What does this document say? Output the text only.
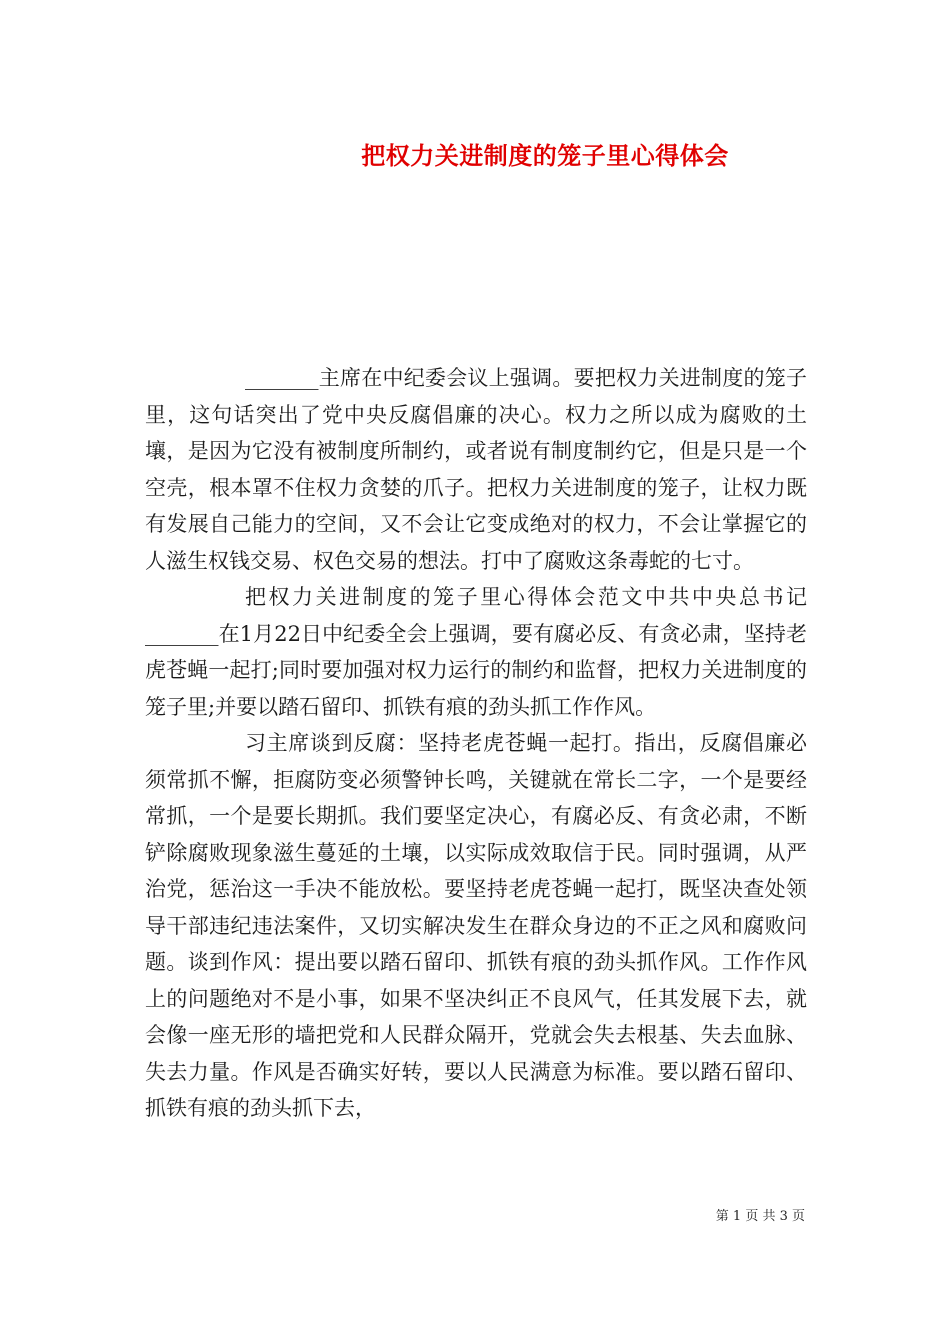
把权力关进制度的笼子里心得体会

_______主席在中纪委会议上强调。要把权力关进制度的笼子里，这句话突出了党中央反腐倡廉的决心。权力之所以成为腐败的土壤，是因为它没有被制度所制约，或者说有制度制约它，但是只是一个空壳，根本罩不住权力贪婪的爪子。把权力关进制度的笼子，让权力既有发展自己能力的空间，又不会让它变成绝对的权力，不会让掌握它的人滋生权钱交易、权色交易的想法。打中了腐败这条毒蛇的七寸。

把权力关进制度的笼子里心得体会范文中共中央总书记_______在1月22日中纪委全会上强调，要有腐必反、有贪必肃，坚持老虎苍蝇一起打;同时要加强对权力运行的制约和监督，把权力关进制度的笼子里;并要以踏石留印、抓铁有痕的劲头抓工作作风。

习主席谈到反腐：坚持老虎苍蝇一起打。指出，反腐倡廉必须常抓不懈，拒腐防变必须警钟长鸣，关键就在常长二字，一个是要经常抓，一个是要长期抓。我们要坚定决心，有腐必反、有贪必肃，不断铲除腐败现象滋生蔓延的土壤，以实际成效取信于民。同时强调，从严治党，惩治这一手决不能放松。要坚持老虎苍蝇一起打，既坚决查处领导干部违纪违法案件，又切实解决发生在群众身边的不正之风和腐败问题。谈到作风：提出要以踏石留印、抓铁有痕的劲头抓作风。工作作风上的问题绝对不是小事，如果不坚决纠正不良风气，任其发展下去，就会像一座无形的墙把党和人民群众隔开，党就会失去根基、失去血脉、失去力量。作风是否确实好转，要以人民满意为标准。要以踏石留印、抓铁有痕的劲头抓下去，

第 1 页 共 3 页
